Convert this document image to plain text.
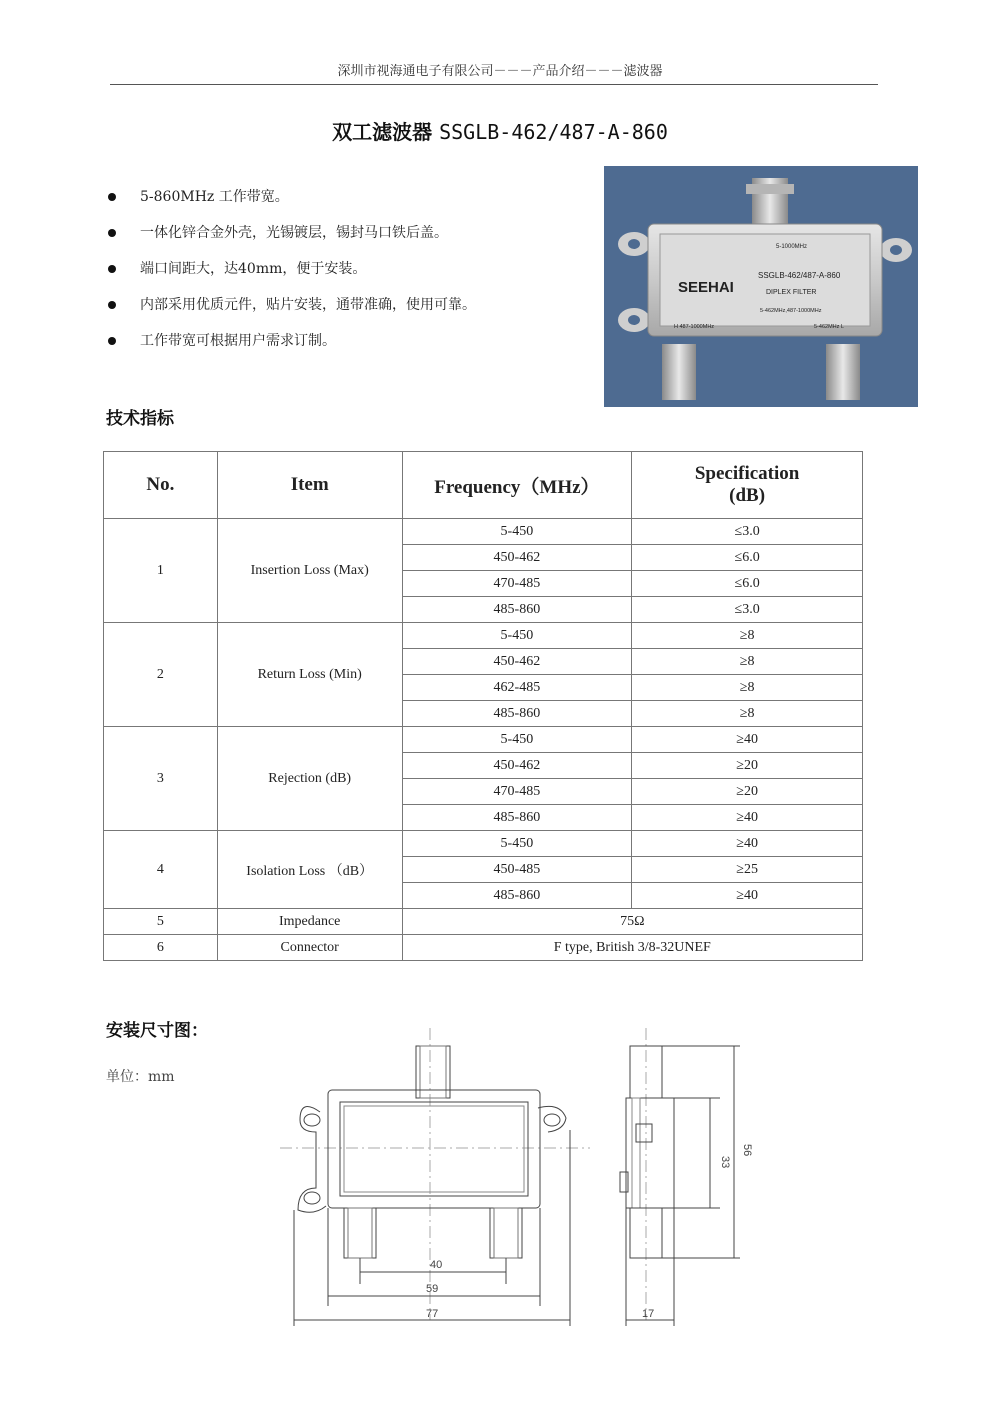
深圳市视海通电子有限公司－－－产品介绍－－－滤波器
双工滤波器 SSGLB-462/487-A-860
5-860MHz 工作带宽。
一体化锌合金外壳，光锡镀层，锡封马口铁后盖。
端口间距大，达40mm，便于安装。
内部采用优质元件，贴片安装，通带准确，使用可靠。
工作带宽可根据用户需求订制。
5-1000MHz
SEEHAI
SSGLB-462/487-A-860
DIPLEX FILTER
5-462MHz,487-1000MHz
H 487-1000MHz	5-462MHz L
技术指标
No.	Item	Frequency（MHz）	Specification
(dB)
1	Insertion Loss (Max)	5-450	≤3.0
		450-462	≤6.0
		470-485	≤6.0
		485-860	≤3.0
2	Return Loss (Min)	5-450	≥8
		450-462	≥8
		462-485	≥8
		485-860	≥8
3	Rejection (dB)	5-450	≥40
		450-462	≥20
		470-485	≥20
		485-860	≥40
4	Isolation Loss （dB）	5-450	≥40
		450-485	≥25
		485-860	≥40
5	Impedance	75Ω	
6	Connector	F type, British 3/8-32UNEF	
安装尺寸图：
单位：mm
40
59
77
33
56
17
